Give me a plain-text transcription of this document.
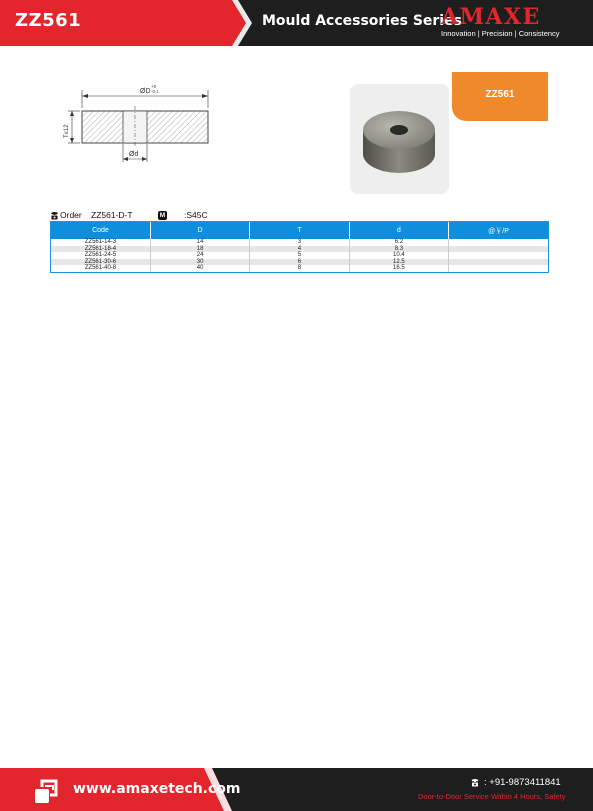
ZZ561	Mould Accessories Series
AMAXE
Innovation | Precision | Consistency
ØD
+0
-0.1
T≤12
Ød
ZZ561
Order ZZ561-D-T	M :S45C
Code	D	T	d	@￥/P
ZZ561-14-3	14	3	6.2	
ZZ561-18-4	18	4	8.3	
ZZ561-24-5	24	5	10.4	
ZZ561-30-6	30	6	12.5	
ZZ561-40-8	40	8	16.5	
www.amaxetech.com	: +91-9873411841
Door-to-Door Service Within 4 Hours, Safety
